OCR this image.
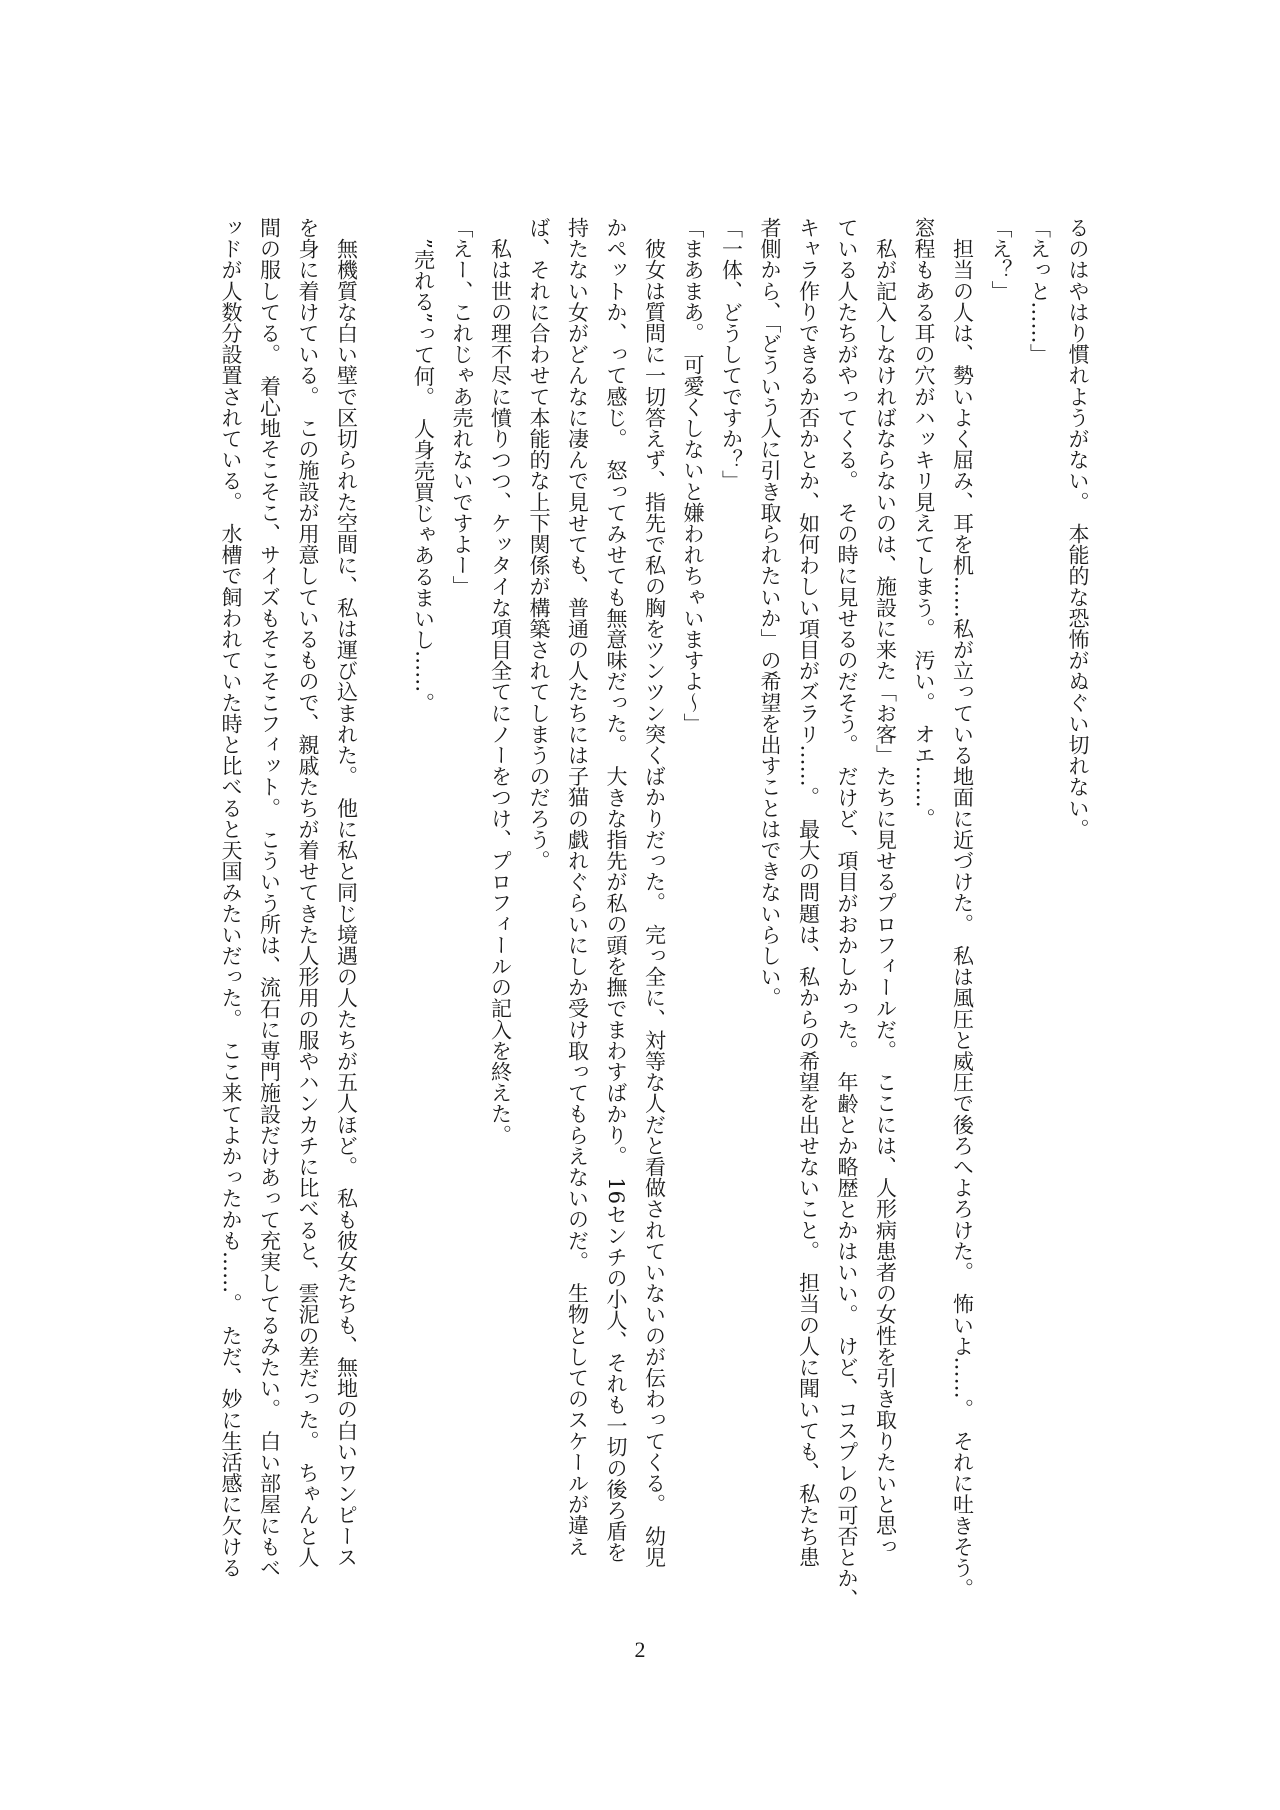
るのはやはり慣れようがない。　本能的な恐怖がぬぐい切れない。
「えっと……」
「え？」
　担当の人は、勢いよく屈み、耳を机……私が立っている地面に近づけた。　私は風圧と威圧で後ろへよろけた。　怖いよ……。　それに吐きそう。
窓程もある耳の穴がハッキリ見えてしまう。　汚い。　オエ……。
　私が記入しなければならないのは、施設に来た「お客」たちに見せるプロフィールだ。　ここには、人形病患者の女性を引き取りたいと思っ
ている人たちがやってくる。　その時に見せるのだそう。　だけど、項目がおかしかった。　年齢とか略歴とかはいい。　けど、コスプレの可否とか、
キャラ作りできるか否かとか、如何わしい項目がズラリ……。　最大の問題は、私からの希望を出せないこと。　担当の人に聞いても、私たち患
者側から、「どういう人に引き取られたいか」の希望を出すことはできないらしい。
「一体、どうしてですか？」
「まあまあ。　可愛くしないと嫌われちゃいますよ～」
　彼女は質問に一切答えず、指先で私の胸をツンツン突くばかりだった。　完っ全に、対等な人だと看做されていないのが伝わってくる。　幼児
かペットか、って感じ。　怒ってみせても無意味だった。　大きな指先が私の頭を撫でまわすばかり。　16センチの小人、それも一切の後ろ盾を
持たない女がどんなに凄んで見せても、普通の人たちには子猫の戯れぐらいにしか受け取ってもらえないのだ。　生物としてのスケールが違え
ば、それに合わせて本能的な上下関係が構築されてしまうのだろう。
　私は世の理不尽に憤りつつ、ケッタイな項目全てにノーをつけ、プロフィールの記入を終えた。
「えー、これじゃあ売れないですよー」
　”売れる”って何。　人身売買じゃあるまいし……。
　無機質な白い壁で区切られた空間に、私は運び込まれた。　他に私と同じ境遇の人たちが五人ほど。　私も彼女たちも、無地の白いワンピース
を身に着けている。　この施設が用意しているもので、親戚たちが着せてきた人形用の服やハンカチに比べると、雲泥の差だった。　ちゃんと人
間の服してる。　着心地そこそこ、サイズもそこそこフィット。　こういう所は、流石に専門施設だけあって充実してるみたい。　白い部屋にもベ
ッドが人数分設置されている。　水槽で飼われていた時と比べると天国みたいだった。　ここ来てよかったかも……。　ただ、妙に生活感に欠ける
2
